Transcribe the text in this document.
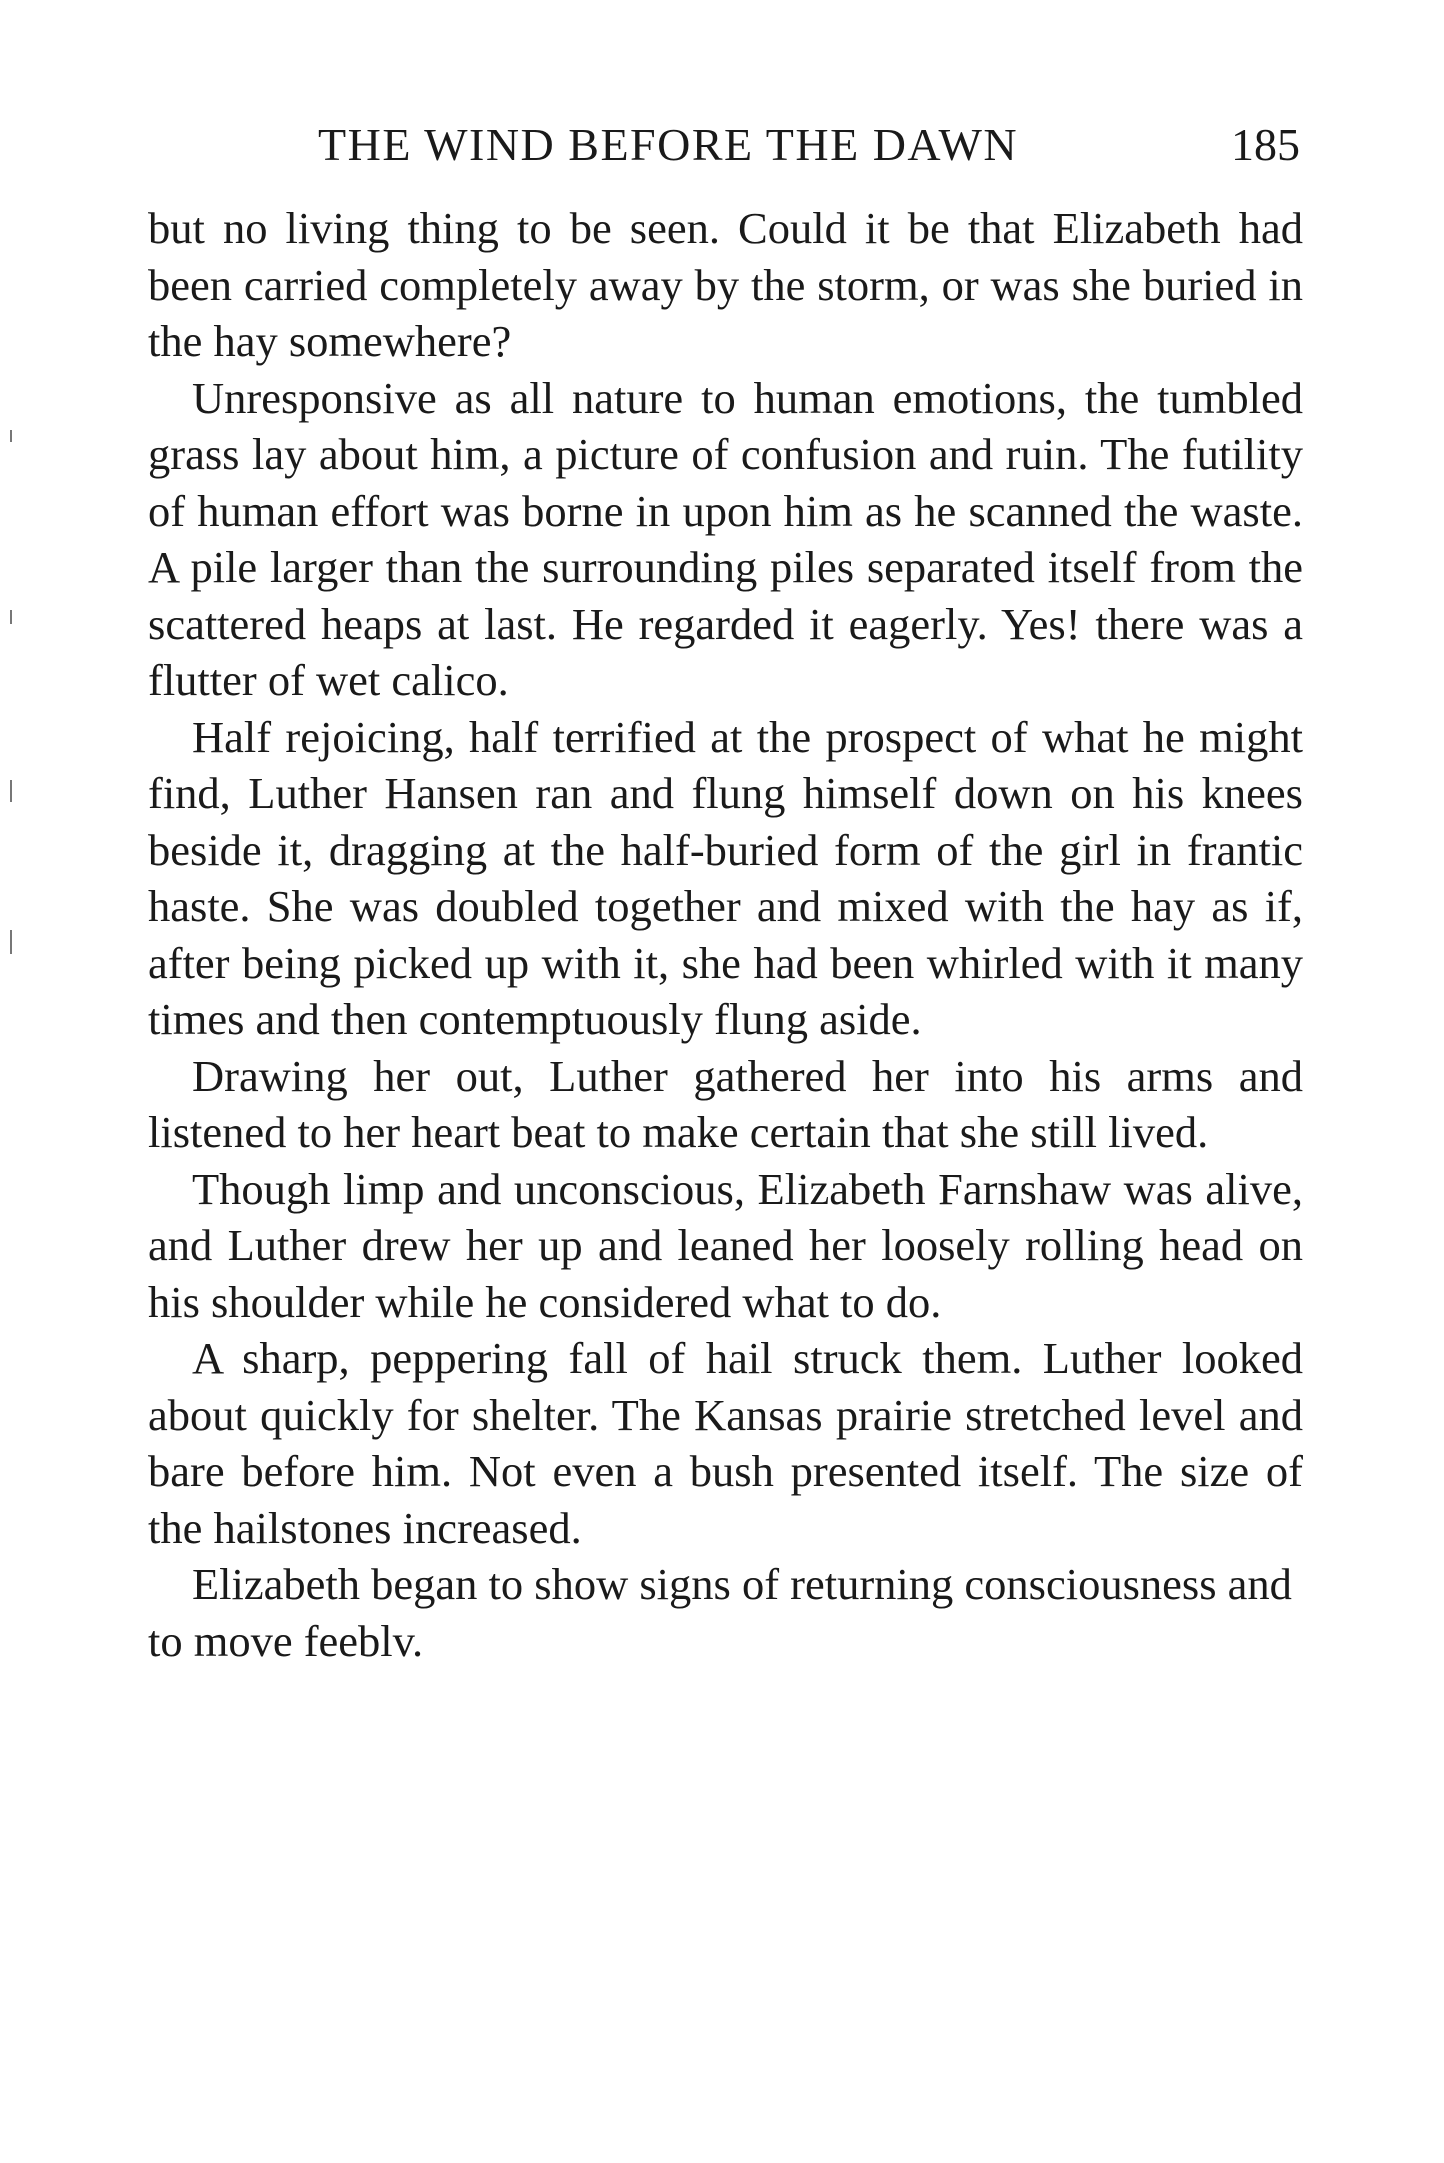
THE WIND BEFORE THE DAWN	185

but no living thing to be seen. Could it be that Elizabeth had been carried completely away by the storm, or was she buried in the hay somewhere?

Unresponsive as all nature to human emotions, the tumbled grass lay about him, a picture of confusion and ruin. The futility of human effort was borne in upon him as he scanned the waste. A pile larger than the surrounding piles separated itself from the scattered heaps at last. He regarded it eagerly. Yes! there was a flutter of wet calico.

Half rejoicing, half terrified at the prospect of what he might find, Luther Hansen ran and flung himself down on his knees beside it, dragging at the half-buried form of the girl in frantic haste. She was doubled together and mixed with the hay as if, after being picked up with it, she had been whirled with it many times and then contemptuously flung aside.

Drawing her out, Luther gathered her into his arms and listened to her heart beat to make certain that she still lived.

Though limp and unconscious, Elizabeth Farnshaw was alive, and Luther drew her up and leaned her loosely rolling head on his shoulder while he considered what to do.

A sharp, peppering fall of hail struck them. Luther looked about quickly for shelter. The Kansas prairie stretched level and bare before him. Not even a bush presented itself. The size of the hailstones increased.

Elizabeth began to show signs of returning consciousness and to move feeblv.
